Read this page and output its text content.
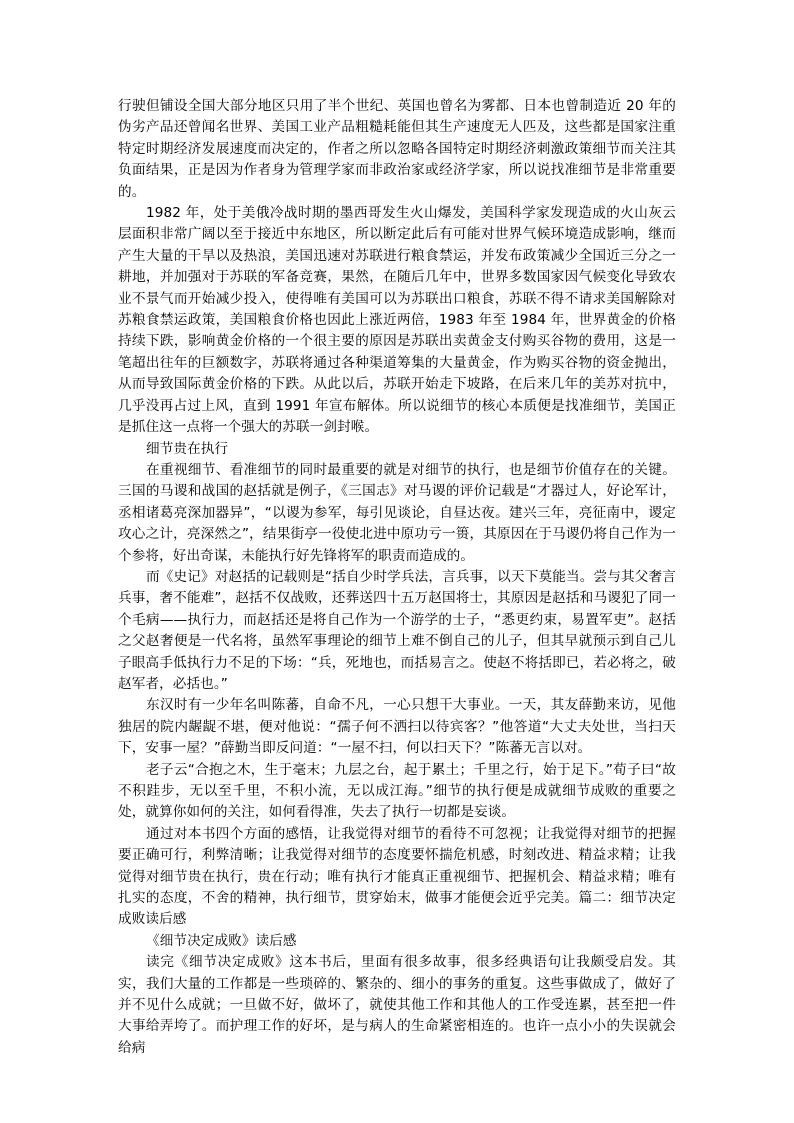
行驶但铺设全国大部分地区只用了半个世纪、英国也曾名为雾都、日本也曾制造近 20 年的伪劣产品还曾闻名世界、美国工业产品粗糙耗能但其生产速度无人匹及，这些都是国家注重特定时期经济发展速度而决定的，作者之所以忽略各国特定时期经济刺激政策细节而关注其负面结果，正是因为作者身为管理学家而非政治家或经济学家，所以说找准细节是非常重要的。

1982 年，处于美俄冷战时期的墨西哥发生火山爆发，美国科学家发现造成的火山灰云层面积非常广阔以至于接近中东地区，所以断定此后有可能对世界气候环境造成影响，继而产生大量的干旱以及热浪，美国迅速对苏联进行粮食禁运，并发布政策减少全国近三分之一耕地，并加强对于苏联的军备竞赛，果然，在随后几年中，世界多数国家因气候变化导致农业不景气而开始减少投入，使得唯有美国可以为苏联出口粮食，苏联不得不请求美国解除对苏粮食禁运政策，美国粮食价格也因此上涨近两倍，1983 年至 1984 年，世界黄金的价格持续下跌，影响黄金价格的一个很主要的原因是苏联出卖黄金支付购买谷物的费用，这是一笔超出往年的巨额数字，苏联将通过各种渠道筹集的大量黄金，作为购买谷物的资金抛出，从而导致国际黄金价格的下跌。从此以后，苏联开始走下坡路，在后来几年的美苏对抗中，几乎没再占过上风，直到 1991 年宣布解体。所以说细节的核心本质便是找准细节，美国正是抓住这一点将一个强大的苏联一剑封喉。

细节贵在执行

在重视细节、看准细节的同时最重要的就是对细节的执行，也是细节价值存在的关键。三国的马谡和战国的赵括就是例子，《三国志》对马谡的评价记载是“才器过人，好论军计，丞相诸葛亮深加器异”，“以谡为参军，每引见谈论，自昼达夜。建兴三年，亮征南中，谡定攻心之计，亮深然之”，结果街亭一役使北进中原功亏一篑，其原因在于马谡仍将自己作为一个参将，好出奇谋，未能执行好先锋将军的职责而造成的。

而《史记》对赵括的记载则是“括自少时学兵法，言兵事，以天下莫能当。尝与其父奢言兵事，奢不能难”，赵括不仅战败，还葬送四十五万赵国将士，其原因是赵括和马谡犯了同一个毛病——执行力，而赵括还是将自己作为一个游学的士子，“悉更约束，易置军吏”。赵括之父赵奢便是一代名将，虽然军事理论的细节上难不倒自己的儿子，但其早就预示到自己儿子眼高手低执行力不足的下场：“兵，死地也，而括易言之。使赵不将括即已，若必将之，破赵军者，必括也。”

东汉时有一少年名叫陈蕃，自命不凡，一心只想干大事业。一天，其友薛勤来访，见他独居的院内龌龊不堪，便对他说：“孺子何不洒扫以待宾客？”他答道“大丈夫处世，当扫天下，安事一屋？”薛勤当即反问道：“一屋不扫，何以扫天下？”陈蕃无言以对。

老子云“合抱之木，生于毫末；九层之台，起于累土；千里之行，始于足下。”荀子曰“故不积跬步，无以至千里，不积小流，无以成江海。”细节的执行便是成就细节成败的重要之处，就算你如何的关注，如何看得准，失去了执行一切都是妄谈。

通过对本书四个方面的感悟，让我觉得对细节的看待不可忽视；让我觉得对细节的把握要正确可行，利弊清晰；让我觉得对细节的态度要怀揣危机感，时刻改进、精益求精；让我觉得对细节贵在执行，贵在行动；唯有执行才能真正重视细节、把握机会、精益求精；唯有扎实的态度，不舍的精神，执行细节，贯穿始末，做事才能便会近乎完美。篇二：细节决定成败读后感

《细节决定成败》读后感

读完《细节决定成败》这本书后，里面有很多故事，很多经典语句让我颇受启发。其实，我们大量的工作都是一些琐碎的、繁杂的、细小的事务的重复。这些事做成了，做好了并不见什么成就；一旦做不好，做坏了，就使其他工作和其他人的工作受连累，甚至把一件大事给弄垮了。而护理工作的好坏，是与病人的生命紧密相连的。也许一点小小的失误就会给病
